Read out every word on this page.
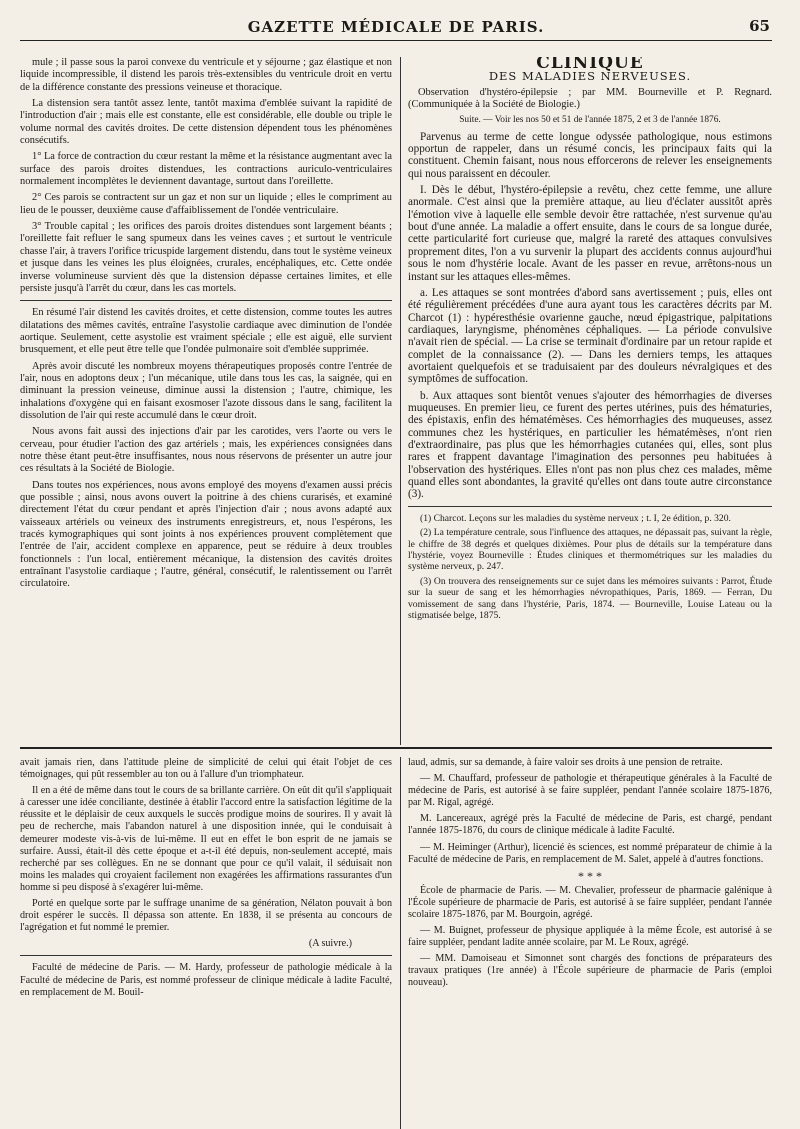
GAZETTE MÉDICALE DE PARIS.	65

mule ; il passe sous la paroi convexe du ventricule et y séjourne ; gaz élastique et non liquide incompressible, il distend les parois très-extensibles du ventricule droit en vertu de la différence constante des pressions veineuse et thoracique.

La distension sera tantôt assez lente, tantôt maxima d'emblée suivant la rapidité de l'introduction d'air ; mais elle est constante, elle est considérable, elle double ou triple le volume normal des cavités droites. De cette distension dépendent tous les phénomènes consécutifs.

1° La force de contraction du cœur restant la même et la résistance augmentant avec la surface des parois droites distendues, les contractions auriculo-ventriculaires normalement incomplètes le deviennent davantage, surtout dans l'oreillette.

2° Ces parois se contractent sur un gaz et non sur un liquide ; elles le compriment au lieu de le pousser, deuxième cause d'affaiblissement de l'ondée ventriculaire.

3° Trouble capital ; les orifices des parois droites distendues sont largement béants ; l'oreillette fait refluer le sang spumeux dans les veines caves ; et surtout le ventricule chasse l'air, à travers l'orifice tricuspide largement distendu, dans tout le système veineux et jusque dans les veines les plus éloignées, crurales, encéphaliques, etc. Cette ondée inverse volumineuse survient dès que la distension dépasse certaines limites, et elle persiste jusqu'à l'arrêt du cœur, dans les cas mortels.

En résumé l'air distend les cavités droites, et cette distension, comme toutes les autres dilatations des mêmes cavités, entraîne l'asystolie cardiaque avec diminution de l'ondée aortique. Seulement, cette asystolie est vraiment spéciale ; elle est aiguë, elle survient brusquement, et elle peut être telle que l'ondée pulmonaire soit d'emblée supprimée.

Après avoir discuté les nombreux moyens thérapeutiques proposés contre l'entrée de l'air, nous en adoptons deux ; l'un mécanique, utile dans tous les cas, la saignée, qui en diminuant la pression veineuse, diminue aussi la distension ; l'autre, chimique, les inhalations d'oxygène qui en faisant exosmoser l'azote dissous dans le sang, facilitent la dissolution de l'air qui reste accumulé dans le cœur droit.

Nous avons fait aussi des injections d'air par les carotides, vers l'aorte ou vers le cerveau, pour étudier l'action des gaz artériels ; mais, les expériences consignées dans notre thèse étant peut-être insuffisantes, nous nous réservons de présenter un autre jour ces résultats à la Société de Biologie.

Dans toutes nos expériences, nous avons employé des moyens d'examen aussi précis que possible ; ainsi, nous avons ouvert la poitrine à des chiens curarisés, et examiné directement l'état du cœur pendant et après l'injection d'air ; nous avons adapté aux vaisseaux artériels ou veineux des instruments enregistreurs, et, nous l'espérons, les tracés kymographiques qui sont joints à nos expériences prouvent complètement que l'entrée de l'air, accident complexe en apparence, peut se réduire à deux troubles fonctionnels : l'un local, entièrement mécanique, la distension des cavités droites entraînant l'asystolie cardiaque ; l'autre, général, consécutif, le ralentissement ou l'arrêt circulatoire.

CLINIQUE
DES MALADIES NERVEUSES.

Observation d'hystéro-épilepsie ; par MM. Bourneville et P. Regnard. (Communiquée à la Société de Biologie.)

Suite. — Voir les nos 50 et 51 de l'année 1875, 2 et 3 de l'année 1876.

Parvenus au terme de cette longue odyssée pathologique, nous estimons opportun de rappeler, dans un résumé concis, les principaux faits qui la constituent. Chemin faisant, nous nous efforcerons de relever les enseignements qui nous paraissent en découler.

I. Dès le début, l'hystéro-épilepsie a revêtu, chez cette femme, une allure anormale. C'est ainsi que la première attaque, au lieu d'éclater aussitôt après l'émotion vive à laquelle elle semble devoir être rattachée, n'est survenue qu'au bout d'une année. La maladie a offert ensuite, dans le cours de sa longue durée, cette particularité fort curieuse que, malgré la rareté des attaques convulsives proprement dites, l'on a vu survenir la plupart des accidents connus aujourd'hui sous le nom d'hystérie locale. Avant de les passer en revue, arrêtons-nous un instant sur les attaques elles-mêmes.

a. Les attaques se sont montrées d'abord sans avertissement ; puis, elles ont été régulièrement précédées d'une aura ayant tous les caractères décrits par M. Charcot (1) : hypéresthésie ovarienne gauche, nœud épigastrique, palpitations cardiaques, laryngisme, phénomènes céphaliques. — La période convulsive n'avait rien de spécial. — La crise se terminait d'ordinaire par un retour rapide et complet de la connaissance (2). — Dans les derniers temps, les attaques avortaient quelquefois et se traduisaient par des douleurs névralgiques et des symptômes de suffocation.

b. Aux attaques sont bientôt venues s'ajouter des hémorrhagies de diverses muqueuses. En premier lieu, ce furent des pertes utérines, puis des hématuries, des épistaxis, enfin des hématémèses. Ces hémorrhagies des muqueuses, assez communes chez les hystériques, en particulier les hématémèses, n'ont rien d'extraordinaire, pas plus que les hémorrhagies cutanées qui, elles, sont plus rares et frappent davantage l'imagination des personnes peu habituées à l'observation des hystériques. Elles n'ont pas non plus chez ces malades, même quand elles sont abondantes, la gravité qu'elles ont dans toute autre circonstance (3).

(1) Charcot. Leçons sur les maladies du système nerveux ; t. I, 2e édition, p. 320.

(2) La température centrale, sous l'influence des attaques, ne dépassait pas, suivant la règle, le chiffre de 38 degrés et quelques dixièmes. Pour plus de détails sur la température dans l'hystérie, voyez Bourneville : Études cliniques et thermométriques sur les maladies du système nerveux, p. 247.

(3) On trouvera des renseignements sur ce sujet dans les mémoires suivants : Parrot, Étude sur la sueur de sang et les hémorrhagies névropathiques, Paris, 1869. — Ferran, Du vomissement de sang dans l'hystérie, Paris, 1874. — Bourneville, Louise Lateau ou la stigmatisée belge, 1875.

avait jamais rien, dans l'attitude pleine de simplicité de celui qui était l'objet de ces témoignages, qui pût ressembler au ton ou à l'allure d'un triomphateur.

Il en a été de même dans tout le cours de sa brillante carrière. On eût dit qu'il s'appliquait à caresser une idée conciliante, destinée à établir l'accord entre la satisfaction légitime de la réussite et le déplaisir de ceux auxquels le succès prodigue moins de sourires. Il y avait là peu de recherche, mais l'abandon naturel à une disposition innée, qui le conduisait à demeurer modeste vis-à-vis de lui-même. Il eut en effet le bon esprit de ne jamais se surfaire. Aussi, était-il dès cette époque et a-t-il été depuis, non-seulement accepté, mais recherché par ses collègues. En ne se donnant que pour ce qu'il valait, il séduisait non moins les malades qui croyaient facilement non exagérées les affirmations rassurantes d'un homme si peu disposé à s'exagérer lui-même.

Porté en quelque sorte par le suffrage unanime de sa génération, Nélaton pouvait à bon droit espérer le succès. Il dépassa son attente. En 1838, il se présenta au concours de l'agrégation et fut nommé le premier.

(A suivre.)

Faculté de médecine de Paris. — M. Hardy, professeur de pathologie médicale à la Faculté de médecine de Paris, est nommé professeur de clinique médicale à ladite Faculté, en remplacement de M. Bouil-

laud, admis, sur sa demande, à faire valoir ses droits à une pension de retraite.

— M. Chauffard, professeur de pathologie et thérapeutique générales à la Faculté de médecine de Paris, est autorisé à se faire suppléer, pendant l'année scolaire 1875-1876, par M. Rigal, agrégé.

M. Lancereaux, agrégé près la Faculté de médecine de Paris, est chargé, pendant l'année 1875-1876, du cours de clinique médicale à ladite Faculté.

— M. Heiminger (Arthur), licencié ès sciences, est nommé préparateur de chimie à la Faculté de médecine de Paris, en remplacement de M. Salet, appelé à d'autres fonctions.

* * *

École de pharmacie de Paris. — M. Chevalier, professeur de pharmacie galénique à l'École supérieure de pharmacie de Paris, est autorisé à se faire suppléer, pendant l'année scolaire 1875-1876, par M. Bourgoin, agrégé.

— M. Buignet, professeur de physique appliquée à la même École, est autorisé à se faire suppléer, pendant ladite année scolaire, par M. Le Roux, agrégé.

— MM. Damoiseau et Simonnet sont chargés des fonctions de préparateurs des travaux pratiques (1re année) à l'École supérieure de pharmacie de Paris (emploi nouveau).
